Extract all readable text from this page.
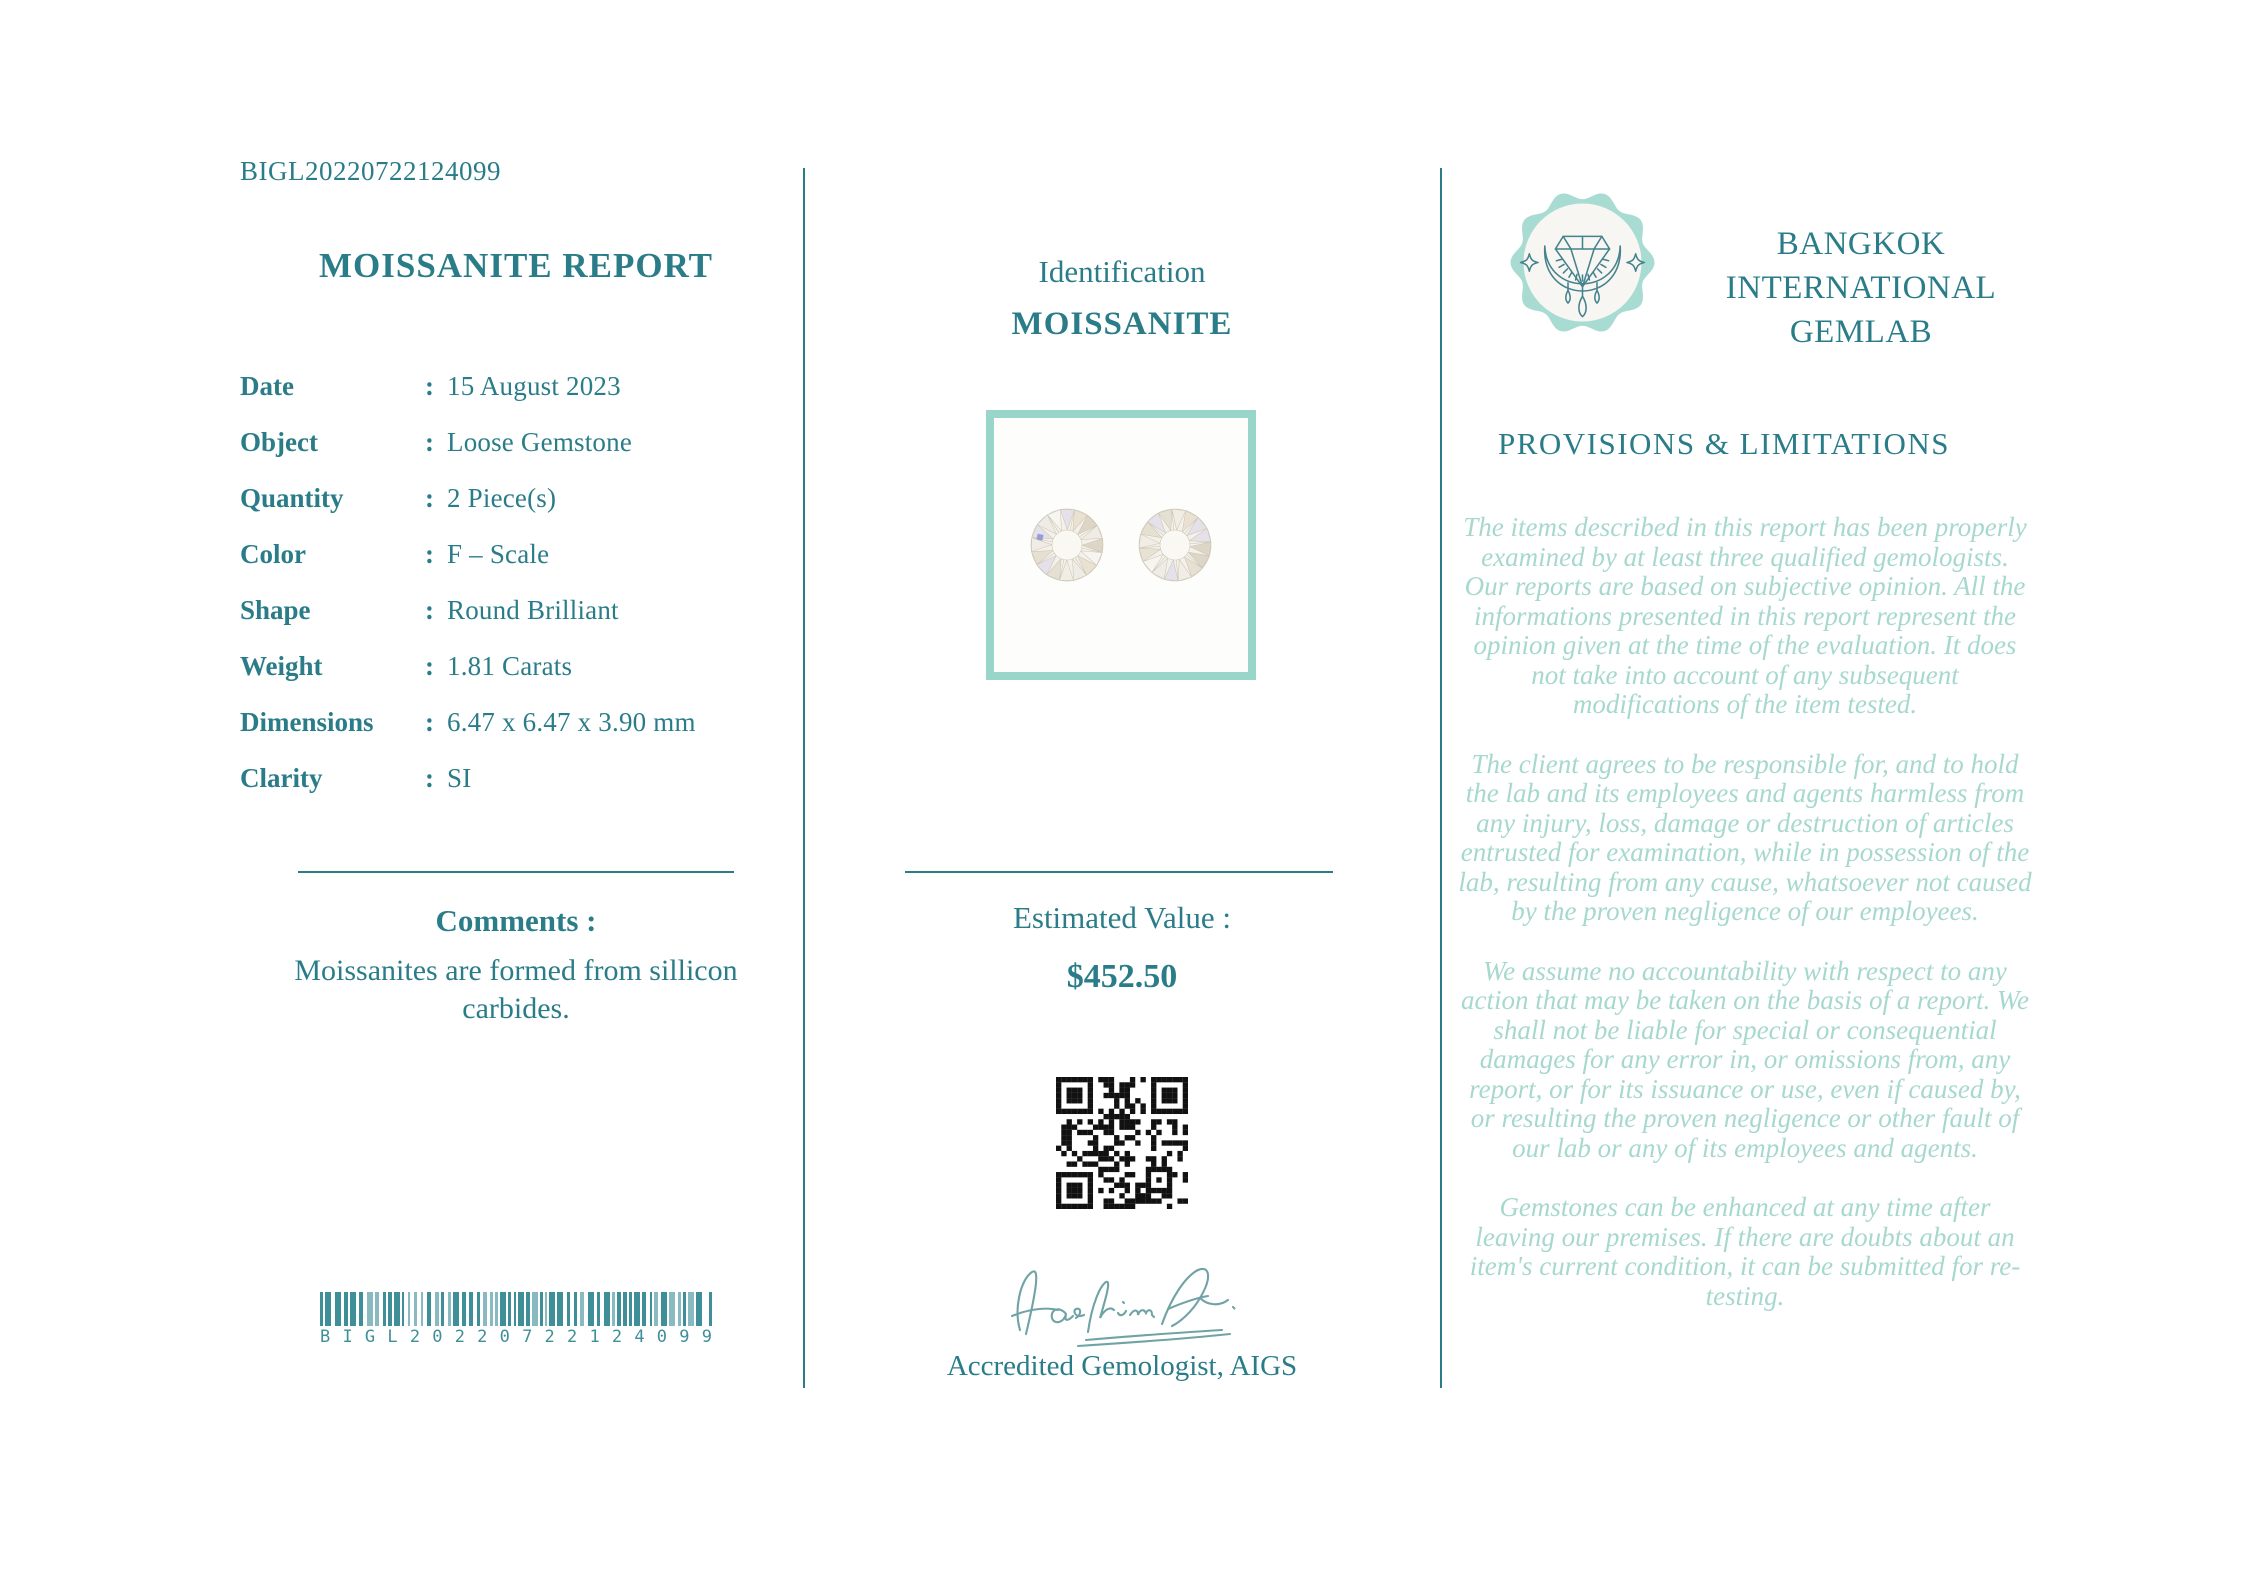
BIGL20220722124099
MOISSANITE REPORT
Date	: 15 August 2023
Object	: Loose Gemstone
Quantity	: 2 Piece(s)
Color	: F – Scale
Shape	: Round Brilliant
Weight	: 1.81 Carats
Dimensions	: 6.47 x 6.47 x 3.90 mm
Clarity	: SI
Comments :
Moissanites are formed from sillicon carbides.
B I G L 2 0 2 2 0 7 2 2 1 2 4 0 9 9
Identification
MOISSANITE
Estimated Value :
$452.50
Accredited Gemologist, AIGS
BANGKOK
INTERNATIONAL
GEMLAB
PROVISIONS & LIMITATIONS

The items described in this report has been properly examined by at least three qualified gemologists. Our reports are based on subjective opinion. All the informations presented in this report represent the opinion given at the time of the evaluation. It does not take into account of any subsequent modifications of the item tested.

The client agrees to be responsible for, and to hold the lab and its employees and agents harmless from any injury, loss, damage or destruction of articles entrusted for examination, while in possession of the lab, resulting from any cause, whatsoever not caused by the proven negligence of our employees.

We assume no accountability with respect to any action that may be taken on the basis of a report. We shall not be liable for special or consequential damages for any error in, or omissions from, any report, or for its issuance or use, even if caused by, or resulting the proven negligence or other fault of our lab or any of its employees and agents.

Gemstones can be enhanced at any time after leaving our premises. If there are doubts about an item's current condition, it can be submitted for re-testing.
